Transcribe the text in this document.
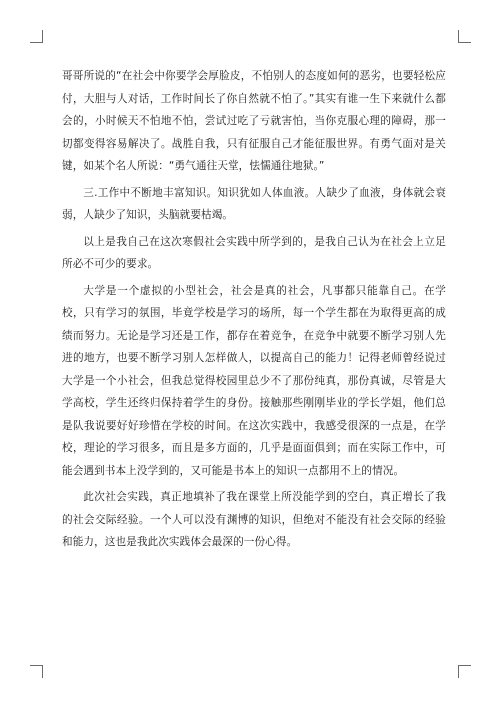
哥哥所说的“在社会中你要学会厚脸皮，不怕别人的态度如何的恶劣，也要轻松应付，大胆与人对话，工作时间长了你自然就不怕了。”其实有谁一生下来就什么都会的，小时候天不怕地不怕，尝试过吃了亏就害怕，当你克服心理的障碍，那一切都变得容易解决了。战胜自我，只有征服自己才能征服世界。有勇气面对是关键，如某个名人所说：“勇气通往天堂，怯懦通往地狱。”

三.工作中不断地丰富知识。知识犹如人体血液。人缺少了血液，身体就会衰弱，人缺少了知识，头脑就要枯竭。

以上是我自己在这次寒假社会实践中所学到的，是我自己认为在社会上立足所必不可少的要求。

大学是一个虚拟的小型社会，社会是真的社会，凡事都只能靠自己。在学校，只有学习的氛围，毕竟学校是学习的场所，每一个学生都在为取得更高的成绩而努力。无论是学习还是工作，都存在着竞争，在竞争中就要不断学习别人先进的地方，也要不断学习别人怎样做人，以提高自己的能力！记得老师曾经说过大学是一个小社会，但我总觉得校园里总少不了那份纯真，那份真诚，尽管是大学高校，学生还终归保持着学生的身份。接触那些刚刚毕业的学长学姐，他们总是队我说要好好珍惜在学校的时间。在这次实践中，我感受很深的一点是，在学校，理论的学习很多，而且是多方面的，几乎是面面俱到；而在实际工作中，可能会遇到书本上没学到的，又可能是书本上的知识一点都用不上的情况。

此次社会实践，真正地填补了我在课堂上所没能学到的空白，真正增长了我的社会交际经验。一个人可以没有渊博的知识，但绝对不能没有社会交际的经验和能力，这也是我此次实践体会最深的一份心得。
